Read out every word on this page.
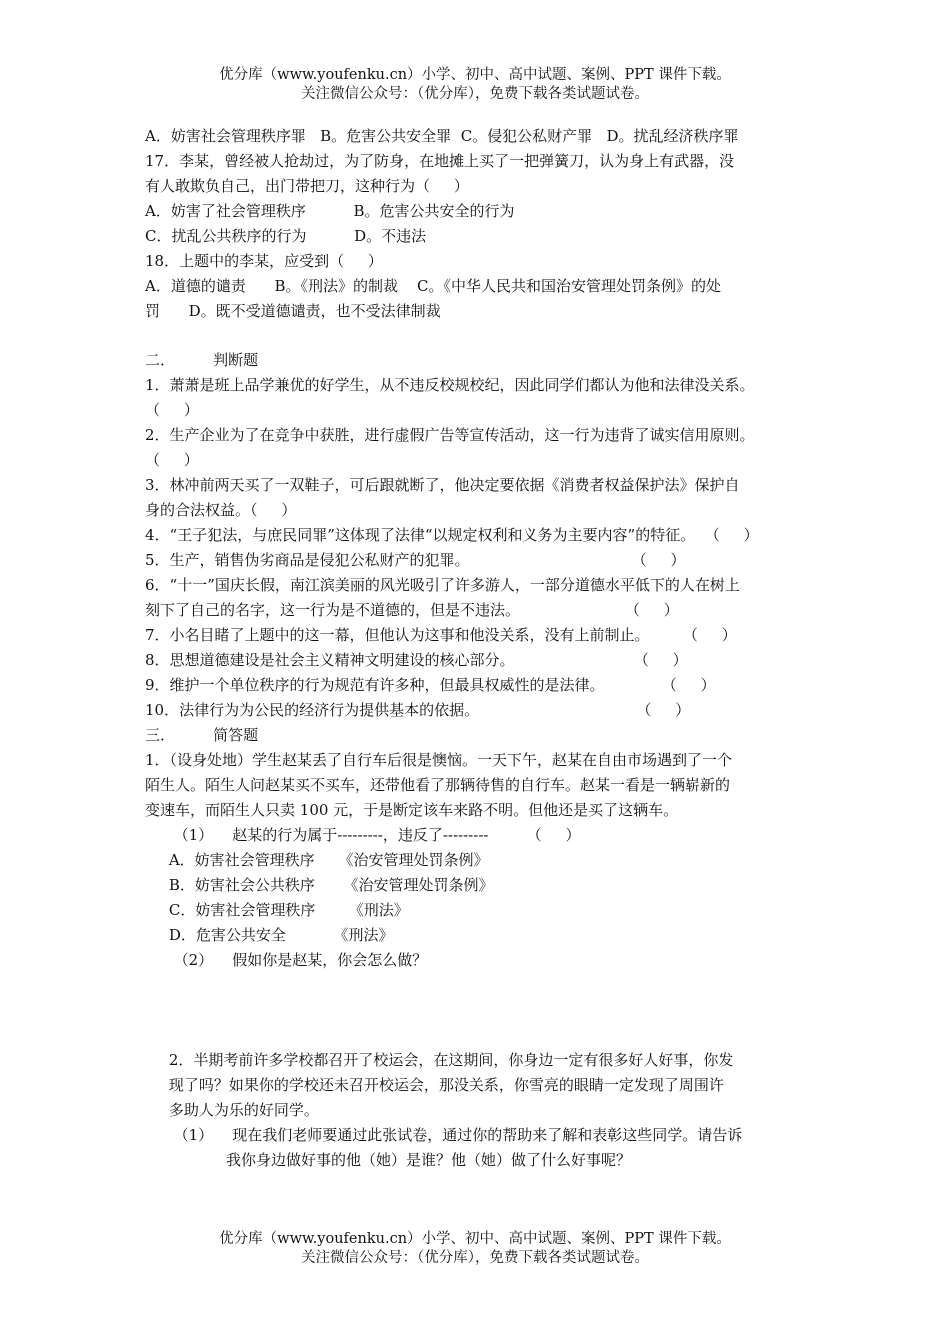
优分库（www.youfenku.cn）小学、初中、高中试题、案例、PPT 课件下载。
关注微信公众号：（优分库），免费下载各类试题试卷。
A．妨害社会管理秩序罪   B。危害公共安全罪  C。侵犯公私财产罪   D。扰乱经济秩序罪
17．李某，曾经被人抢劫过，为了防身，在地摊上买了一把弹簧刀，认为身上有武器，没
有人敢欺负自己，出门带把刀，这种行为（     ）
A．妨害了社会管理秩序          B。危害公共安全的行为
C．扰乱公共秩序的行为          D。不违法
18．上题中的李某，应受到（     ）
A．道德的谴责      B。《刑法》的制裁    C。《中华人民共和国治安管理处罚条例》的处
罚      D。既不受道德谴责，也不受法律制裁
二．        判断题
1．萧萧是班上品学兼优的好学生，从不违反校规校纪，因此同学们都认为他和法律没关系。
（     ）
2．生产企业为了在竞争中获胜，进行虚假广告等宣传活动，这一行为违背了诚实信用原则。
（     ）
3．林冲前两天买了一双鞋子，可后跟就断了，他决定要依据《消费者权益保护法》保护自
身的合法权益。（     ）
4．“王子犯法，与庶民同罪”这体现了法律“以规定权利和义务为主要内容”的特征。  （     ）
5．生产，销售伪劣商品是侵犯公私财产的犯罪。                                  （     ）
6．“十一”国庆长假，南江滨美丽的风光吸引了许多游人，一部分道德水平低下的人在树上
刻下了自己的名字，这一行为是不道德的，但是不违法。                      （     ）
7．小名目睹了上题中的这一幕，但他认为这事和他没关系，没有上前制止。       （     ）
8．思想道德建设是社会主义精神文明建设的核心部分。                         （     ）
9．维护一个单位秩序的行为规范有许多种，但最具权威性的是法律。            （     ）
10．法律行为为公民的经济行为提供基本的依据。                                 （     ）
三．        简答题
1．（设身处地）学生赵某丢了自行车后很是懊恼。一天下午，赵某在自由市场遇到了一个
陌生人。陌生人问赵某买不买车，还带他看了那辆待售的自行车。赵某一看是一辆崭新的
变速车，而陌生人只卖 100 元，于是断定该车来路不明。但他还是买了这辆车。
（1）    赵某的行为属于---------，违反了---------        （     ）
A．妨害社会管理秩序     《治安管理处罚条例》
B．妨害社会公共秩序      《治安管理处罚条例》
C．妨害社会管理秩序       《刑法》
D．危害公共安全          《刑法》
（2）    假如你是赵某，你会怎么做？
2．半期考前许多学校都召开了校运会，在这期间，你身边一定有很多好人好事，你发
现了吗？如果你的学校还未召开校运会，那没关系，你雪亮的眼睛一定发现了周围许
多助人为乐的好同学。
（1）    现在我们老师要通过此张试卷，通过你的帮助来了解和表彰这些同学。请告诉
我你身边做好事的他（她）是谁？他（她）做了什么好事呢？
优分库（www.youfenku.cn）小学、初中、高中试题、案例、PPT 课件下载。
关注微信公众号：（优分库），免费下载各类试题试卷。
